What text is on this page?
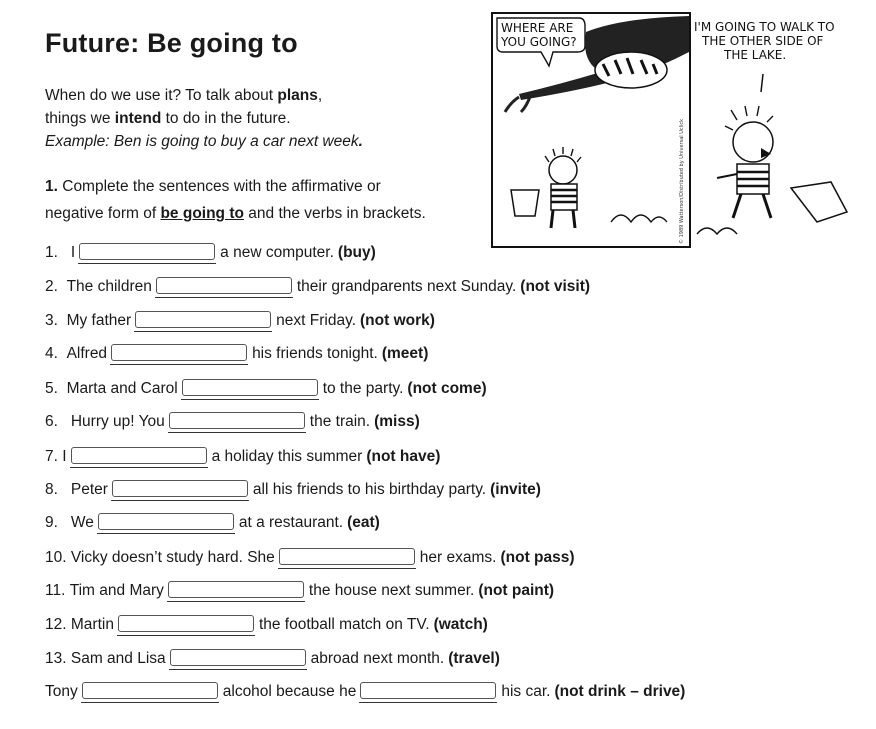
Future: Be going to
When do we use it? To talk about plans,
things we intend to do in the future.
Example: Ben is going to buy a car next week.
1. Complete the sentences with the affirmative or
negative form of be going to and the verbs in brackets.
WHERE ARE
YOU GOING?
© 1989 Watterson/Distributed by Universal Uclick
I'M GOING TO WALK TO
THE OTHER SIDE OF
THE LAKE.
1.
I	a new computer. (buy)
2.
The children	their grandparents next Sunday. (not visit)
3.
My father	next Friday. (not work)
4.
Alfred	his friends tonight. (meet)
5.
Marta and Carol	to the party. (not come)
6.
Hurry up! You	the train. (miss)
7.
I	a holiday this summer (not have)
8.
Peter	all his friends to his birthday party. (invite)
9.
We	at a restaurant. (eat)
10.
Vicky doesn’t study hard. She	her exams. (not pass)
11.
Tim and Mary	the house next summer. (not paint)
12.
Martin	the football match on TV. (watch)
13.
Sam and Lisa	abroad next month. (travel)
Tony	alcohol because he	his car. (not drink – drive)
